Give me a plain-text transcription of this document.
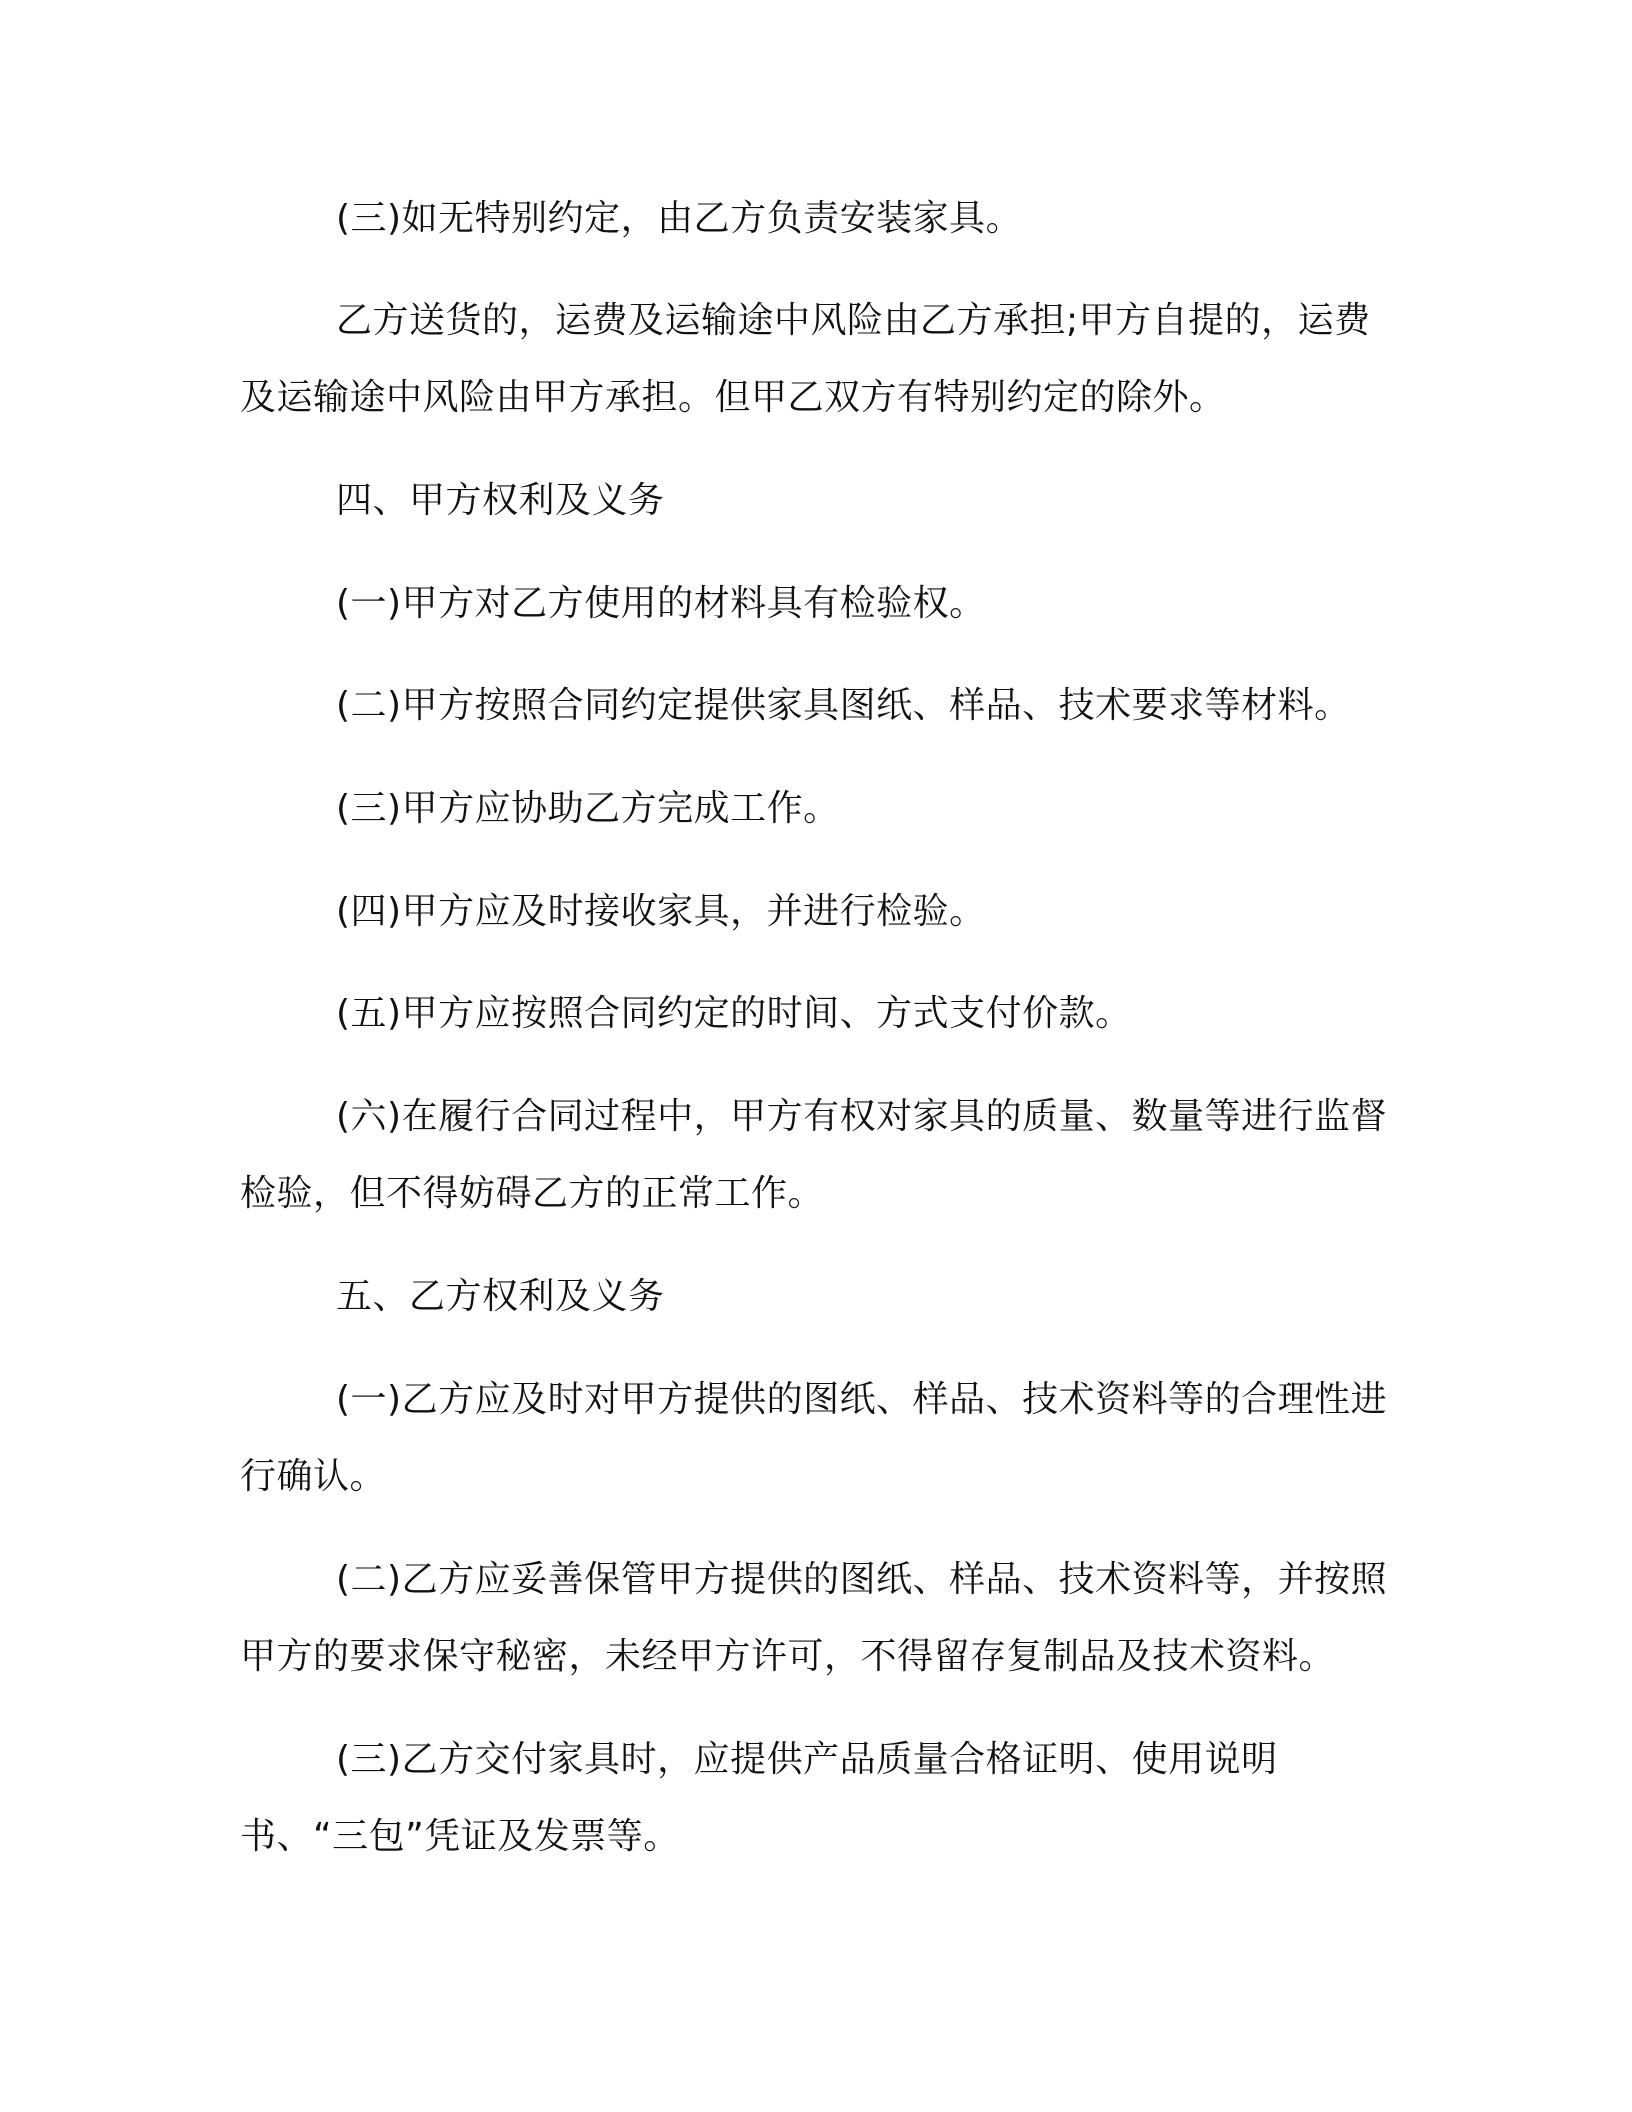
(三)如无特别约定，由乙方负责安装家具。

乙方送货的，运费及运输途中风险由乙方承担;甲方自提的，运费及运输途中风险由甲方承担。但甲乙双方有特别约定的除外。

四、甲方权利及义务

(一)甲方对乙方使用的材料具有检验权。

(二)甲方按照合同约定提供家具图纸、样品、技术要求等材料。

(三)甲方应协助乙方完成工作。

(四)甲方应及时接收家具，并进行检验。

(五)甲方应按照合同约定的时间、方式支付价款。

(六)在履行合同过程中，甲方有权对家具的质量、数量等进行监督检验，但不得妨碍乙方的正常工作。

五、乙方权利及义务

(一)乙方应及时对甲方提供的图纸、样品、技术资料等的合理性进行确认。

(二)乙方应妥善保管甲方提供的图纸、样品、技术资料等，并按照甲方的要求保守秘密，未经甲方许可，不得留存复制品及技术资料。

(三)乙方交付家具时，应提供产品质量合格证明、使用说明书、“三包”凭证及发票等。
